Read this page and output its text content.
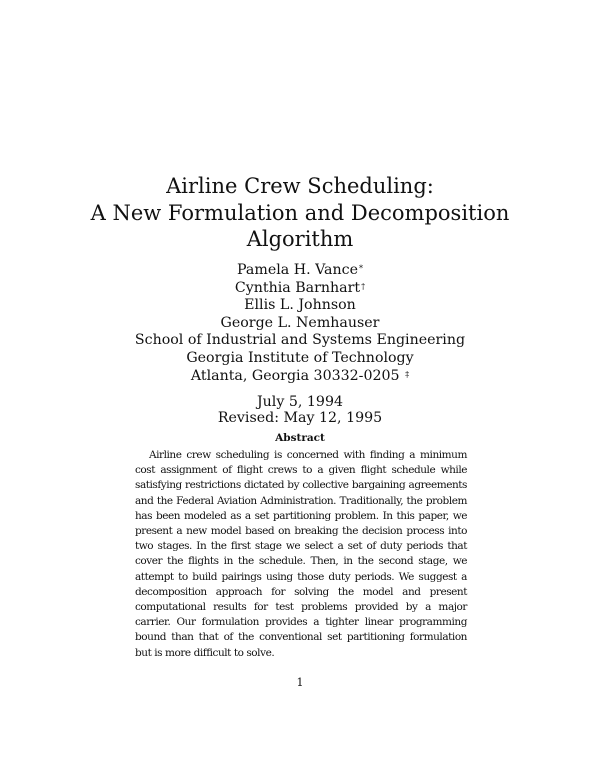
Airline Crew Scheduling:
A New Formulation and Decomposition
Algorithm
Pamela H. Vance*
Cynthia Barnhart†
Ellis L. Johnson
George L. Nemhauser
School of Industrial and Systems Engineering
Georgia Institute of Technology
Atlanta, Georgia 30332-0205 ‡
July 5, 1994
Revised: May 12, 1995
Abstract

Airline crew scheduling is concerned with finding a minimum cost assignment of flight crews to a given flight schedule while satisfying restrictions dictated by collective bargaining agreements and the Federal Aviation Administration. Traditionally, the problem has been modeled as a set partitioning problem. In this paper, we present a new model based on breaking the decision process into two stages. In the first stage we select a set of duty periods that cover the flights in the schedule. Then, in the second stage, we attempt to build pairings using those duty periods. We suggest a decomposition approach for solving the model and present computational results for test problems provided by a major carrier. Our formulation provides a tighter linear programming bound than that of the conventional set partitioning formulation but is more difficult to solve.

1
